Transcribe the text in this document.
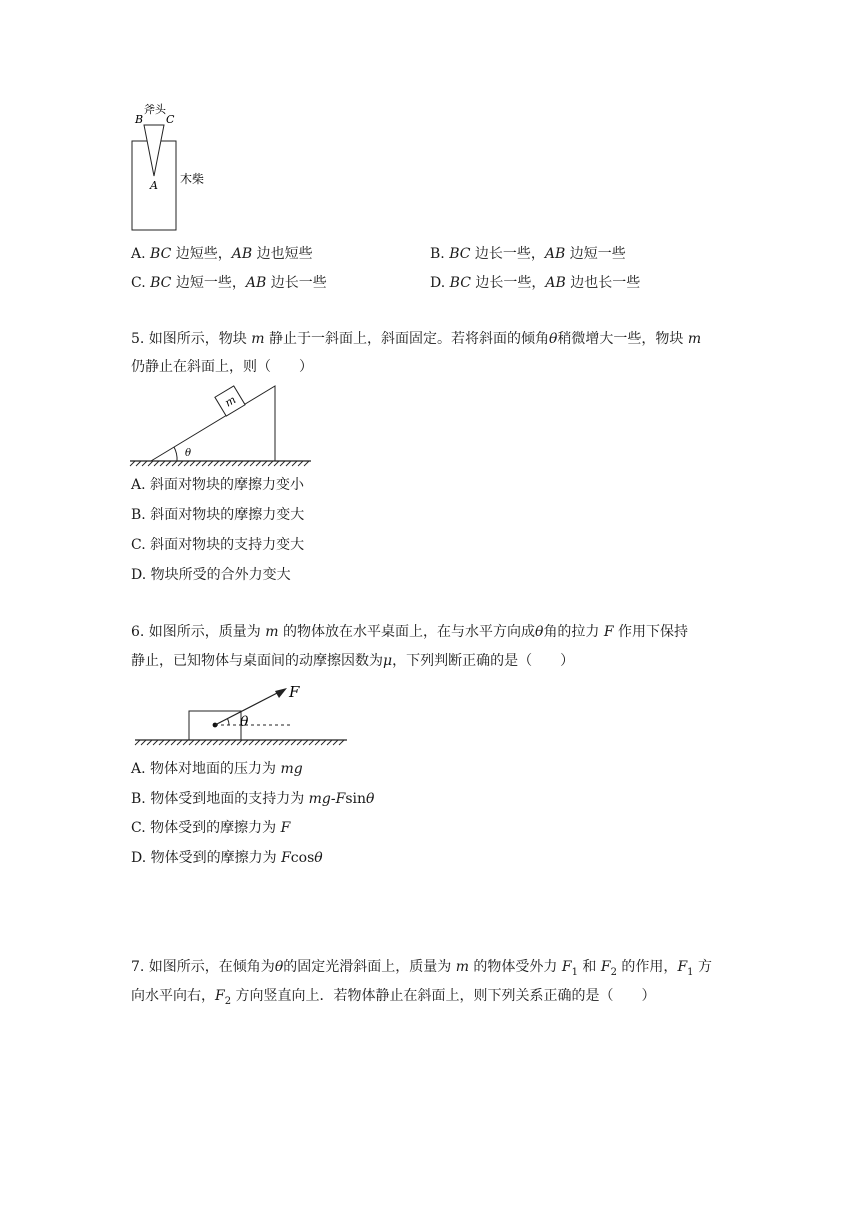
斧头
B C
A 木柴
A. BC 边短些，AB 边也短些	B. BC 边长一些，AB 边短一些
C. BC 边短一些，AB 边长一些	D. BC 边长一些，AB 边也长一些
5. 如图所示，物块 m 静止于一斜面上，斜面固定。若将斜面的倾角θ稍微增大一些，物块 m
仍静止在斜面上，则（　　）
m
θ
A. 斜面对物块的摩擦力变小
B. 斜面对物块的摩擦力变大
C. 斜面对物块的支持力变大
D. 物块所受的合外力变大
6. 如图所示，质量为 m 的物体放在水平桌面上，在与水平方向成θ角的拉力 F 作用下保持
静止，已知物体与桌面间的动摩擦因数为μ，下列判断正确的是（　　）
F
θ
A. 物体对地面的压力为 mg
B. 物体受到地面的支持力为 mg-Fsinθ
C. 物体受到的摩擦力为 F
D. 物体受到的摩擦力为 Fcosθ
7. 如图所示，在倾角为θ的固定光滑斜面上，质量为 m 的物体受外力 $F_1$ 和 $F_2$ 的作用，$F_1$ 方
向水平向右，$F_2$ 方向竖直向上．若物体静止在斜面上，则下列关系正确的是（　　）
